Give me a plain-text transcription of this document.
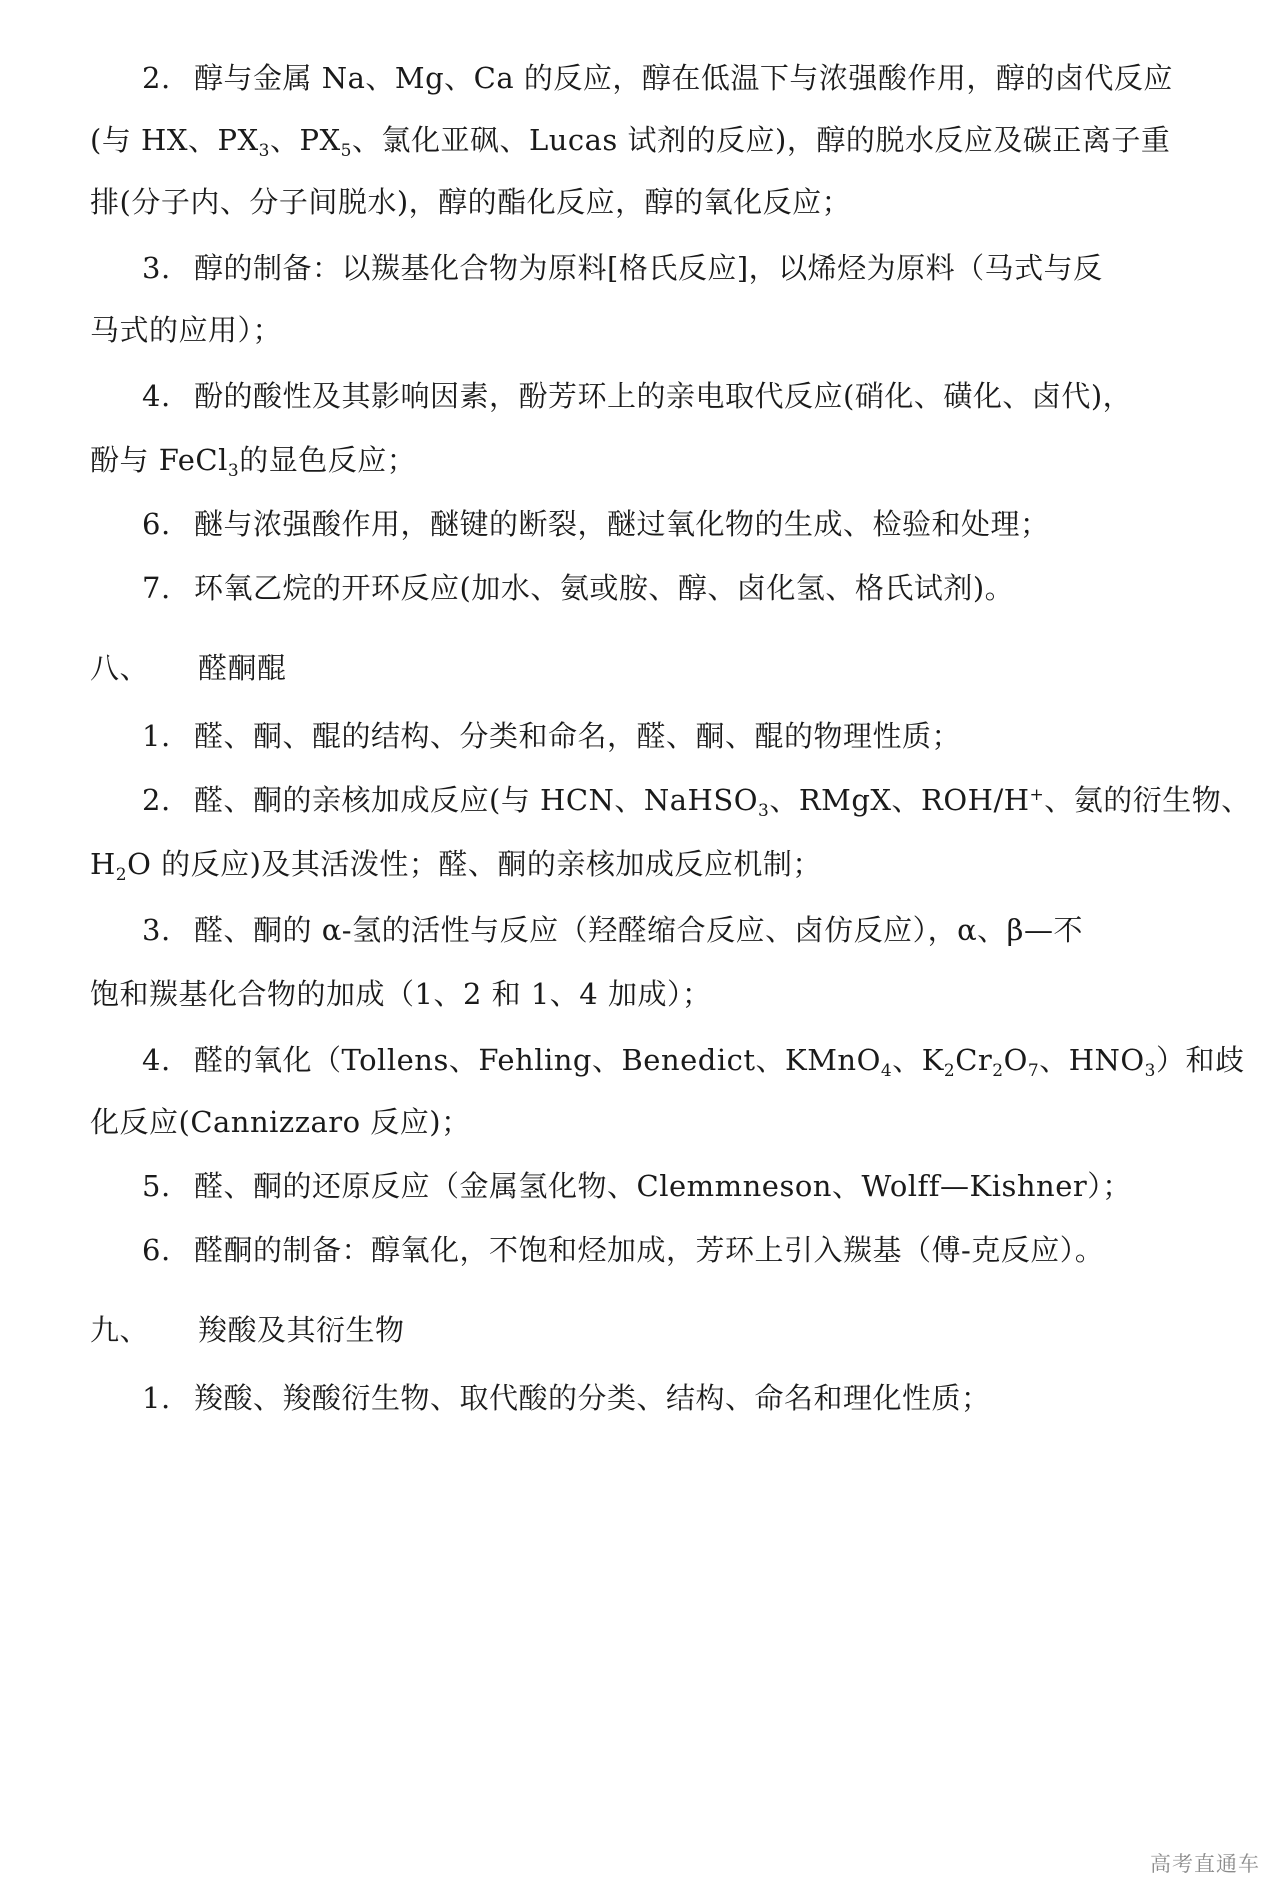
2. 醇与金属 Na、Mg、Ca 的反应，醇在低温下与浓强酸作用，醇的卤代反应
(与 HX、$PX_3$、$PX_5$、氯化亚砜、Lucas 试剂的反应)，醇的脱水反应及碳正离子重
排(分子内、分子间脱水)，醇的酯化反应，醇的氧化反应；
3. 醇的制备：以羰基化合物为原料[格氏反应]，以烯烃为原料（马式与反
马式的应用）；
4. 酚的酸性及其影响因素，酚芳环上的亲电取代反应(硝化、磺化、卤代)，
酚与 FeCl$_3$的显色反应；
6. 醚与浓强酸作用，醚键的断裂，醚过氧化物的生成、检验和处理；
7. 环氧乙烷的开环反应(加水、氨或胺、醇、卤化氢、格氏试剂)。
八、 醛酮醌
1. 醛、酮、醌的结构、分类和命名，醛、酮、醌的物理性质；
2. 醛、酮的亲核加成反应(与 HCN、NaHSO$_3$、RMgX、ROH/H+、氨的衍生物、
$H_2O$ 的反应)及其活泼性；醛、酮的亲核加成反应机制；
3. 醛、酮的 α-氢的活性与反应（羟醛缩合反应、卤仿反应），α、β—不
饱和羰基化合物的加成（1、2 和 1、4 加成）；
4. 醛的氧化（Tollens、Fehling、Benedict、KMnO$_4$、$K_2Cr_2O_7$、$HNO_3$）和歧
化反应(Cannizzaro 反应)；
5. 醛、酮的还原反应（金属氢化物、Clemmneson、Wolff—Kishner）；
6. 醛酮的制备：醇氧化，不饱和烃加成，芳环上引入羰基（傅-克反应）。
九、 羧酸及其衍生物
1. 羧酸、羧酸衍生物、取代酸的分类、结构、命名和理化性质；
高考直通车
